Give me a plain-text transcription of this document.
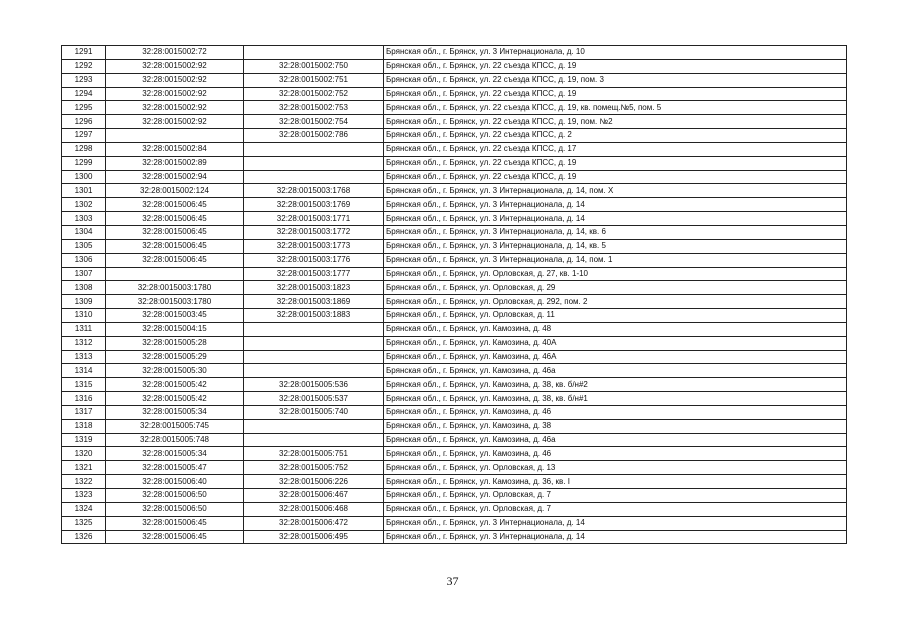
1291	32:28:0015002:72		Брянская обл., г. Брянск, ул. 3 Интернационала, д. 10
1292	32:28:0015002:92	32:28:0015002:750	Брянская обл., г. Брянск, ул. 22 съезда КПСС, д. 19
1293	32:28:0015002:92	32:28:0015002:751	Брянская обл., г. Брянск, ул. 22 съезда КПСС, д. 19, пом. 3
1294	32:28:0015002:92	32:28:0015002:752	Брянская обл., г. Брянск, ул. 22 съезда КПСС, д. 19
1295	32:28:0015002:92	32:28:0015002:753	Брянская обл., г. Брянск, ул. 22 съезда КПСС, д. 19, кв. помещ.№5, пом. 5
1296	32:28:0015002:92	32:28:0015002:754	Брянская обл., г. Брянск, ул. 22 съезда КПСС, д. 19, пом. №2
1297		32:28:0015002:786	Брянская обл., г. Брянск, ул. 22 съезда КПСС, д. 2
1298	32:28:0015002:84		Брянская обл., г. Брянск, ул. 22 съезда КПСС, д. 17
1299	32:28:0015002:89		Брянская обл., г. Брянск, ул. 22 съезда КПСС, д. 19
1300	32:28:0015002:94		Брянская обл., г. Брянск, ул. 22 съезда КПСС, д. 19
1301	32:28:0015002:124	32:28:0015003:1768	Брянская обл., г. Брянск, ул. 3 Интернационала, д. 14, пом. X
1302	32:28:0015006:45	32:28:0015003:1769	Брянская обл., г. Брянск, ул. 3 Интернационала, д. 14
1303	32:28:0015006:45	32:28:0015003:1771	Брянская обл., г. Брянск, ул. 3 Интернационала, д. 14
1304	32:28:0015006:45	32:28:0015003:1772	Брянская обл., г. Брянск, ул. 3 Интернационала, д. 14, кв. 6
1305	32:28:0015006:45	32:28:0015003:1773	Брянская обл., г. Брянск, ул. 3 Интернационала, д. 14, кв. 5
1306	32:28:0015006:45	32:28:0015003:1776	Брянская обл., г. Брянск, ул. 3 Интернационала, д. 14, пом. 1
1307		32:28:0015003:1777	Брянская обл., г. Брянск, ул. Орловская, д. 27, кв. 1-10
1308	32:28:0015003:1780	32:28:0015003:1823	Брянская обл., г. Брянск, ул. Орловская, д. 29
1309	32:28:0015003:1780	32:28:0015003:1869	Брянская обл., г. Брянск, ул. Орловская, д. 292, пом. 2
1310	32:28:0015003:45	32:28:0015003:1883	Брянская обл., г. Брянск, ул. Орловская, д. 11
1311	32:28:0015004:15		Брянская обл., г. Брянск, ул. Камозина, д. 48
1312	32:28:0015005:28		Брянская обл., г. Брянск, ул. Камозина, д. 40А
1313	32:28:0015005:29		Брянская обл., г. Брянск, ул. Камозина, д. 46А
1314	32:28:0015005:30		Брянская обл., г. Брянск, ул. Камозина, д. 46а
1315	32:28:0015005:42	32:28:0015005:536	Брянская обл., г. Брянск, ул. Камозина, д. 38, кв. б/н#2
1316	32:28:0015005:42	32:28:0015005:537	Брянская обл., г. Брянск, ул. Камозина, д. 38, кв. б/н#1
1317	32:28:0015005:34	32:28:0015005:740	Брянская обл., г. Брянск, ул. Камозина, д. 46
1318	32:28:0015005:745		Брянская обл., г. Брянск, ул. Камозина, д. 38
1319	32:28:0015005:748		Брянская обл., г. Брянск, ул. Камозина, д. 46а
1320	32:28:0015005:34	32:28:0015005:751	Брянская обл., г. Брянск, ул. Камозина, д. 46
1321	32:28:0015005:47	32:28:0015005:752	Брянская обл., г. Брянск, ул. Орловская, д. 13
1322	32:28:0015006:40	32:28:0015006:226	Брянская обл., г. Брянск, ул. Камозина, д. 36, кв. I
1323	32:28:0015006:50	32:28:0015006:467	Брянская обл., г. Брянск, ул. Орловская, д. 7
1324	32:28:0015006:50	32:28:0015006:468	Брянская обл., г. Брянск, ул. Орловская, д. 7
1325	32:28:0015006:45	32:28:0015006:472	Брянская обл., г. Брянск, ул. 3 Интернационала, д. 14
1326	32:28:0015006:45	32:28:0015006:495	Брянская обл., г. Брянск, ул. 3 Интернационала, д. 14
37
